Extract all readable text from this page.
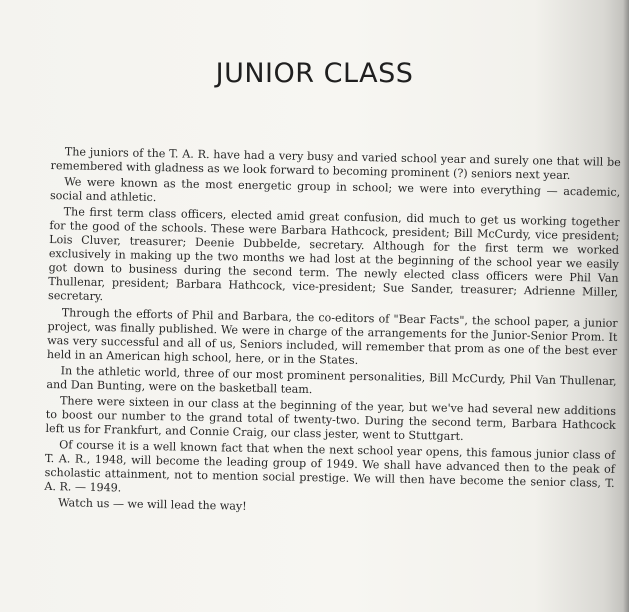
JUNIOR CLASS

The juniors of the T. A. R. have had a very busy and varied school year and surely one that will be remembered with gladness as we look forward to becoming prominent (?) seniors next year.

We were known as the most energetic group in school; we were into everything — academic, social and athletic.

The first term class officers, elected amid great confusion, did much to get us working together for the good of the schools. These were Barbara Hathcock, president; Bill McCurdy, vice president; Lois Cluver, treasurer; Deenie Dubbelde, secretary. Although for the first term we worked exclusively in making up the two months we had lost at the beginning of the school year we easily got down to business during the second term. The newly elected class officers were Phil Van Thullenar, president; Barbara Hathcock, vice-president; Sue Sander, treasurer; Adrienne Miller, secretary.

Through the efforts of Phil and Barbara, the co-editors of "Bear Facts", the school paper, a junior project, was finally published. We were in charge of the arrangements for the Junior-Senior Prom. It was very successful and all of us, Seniors included, will remember that prom as one of the best ever held in an American high school, here, or in the States.

In the athletic world, three of our most prominent personalities, Bill McCurdy, Phil Van Thullenar, and Dan Bunting, were on the basketball team.

There were sixteen in our class at the beginning of the year, but we've had several new additions to boost our number to the grand total of twenty-two. During the second term, Barbara Hathcock left us for Frankfurt, and Connie Craig, our class jester, went to Stuttgart.

Of course it is a well known fact that when the next school year opens, this famous junior class of T. A. R., 1948, will become the leading group of 1949. We shall have advanced then to the peak of scholastic attainment, not to mention social prestige. We will then have become the senior class, T. A. R. — 1949.

Watch us — we will lead the way!
